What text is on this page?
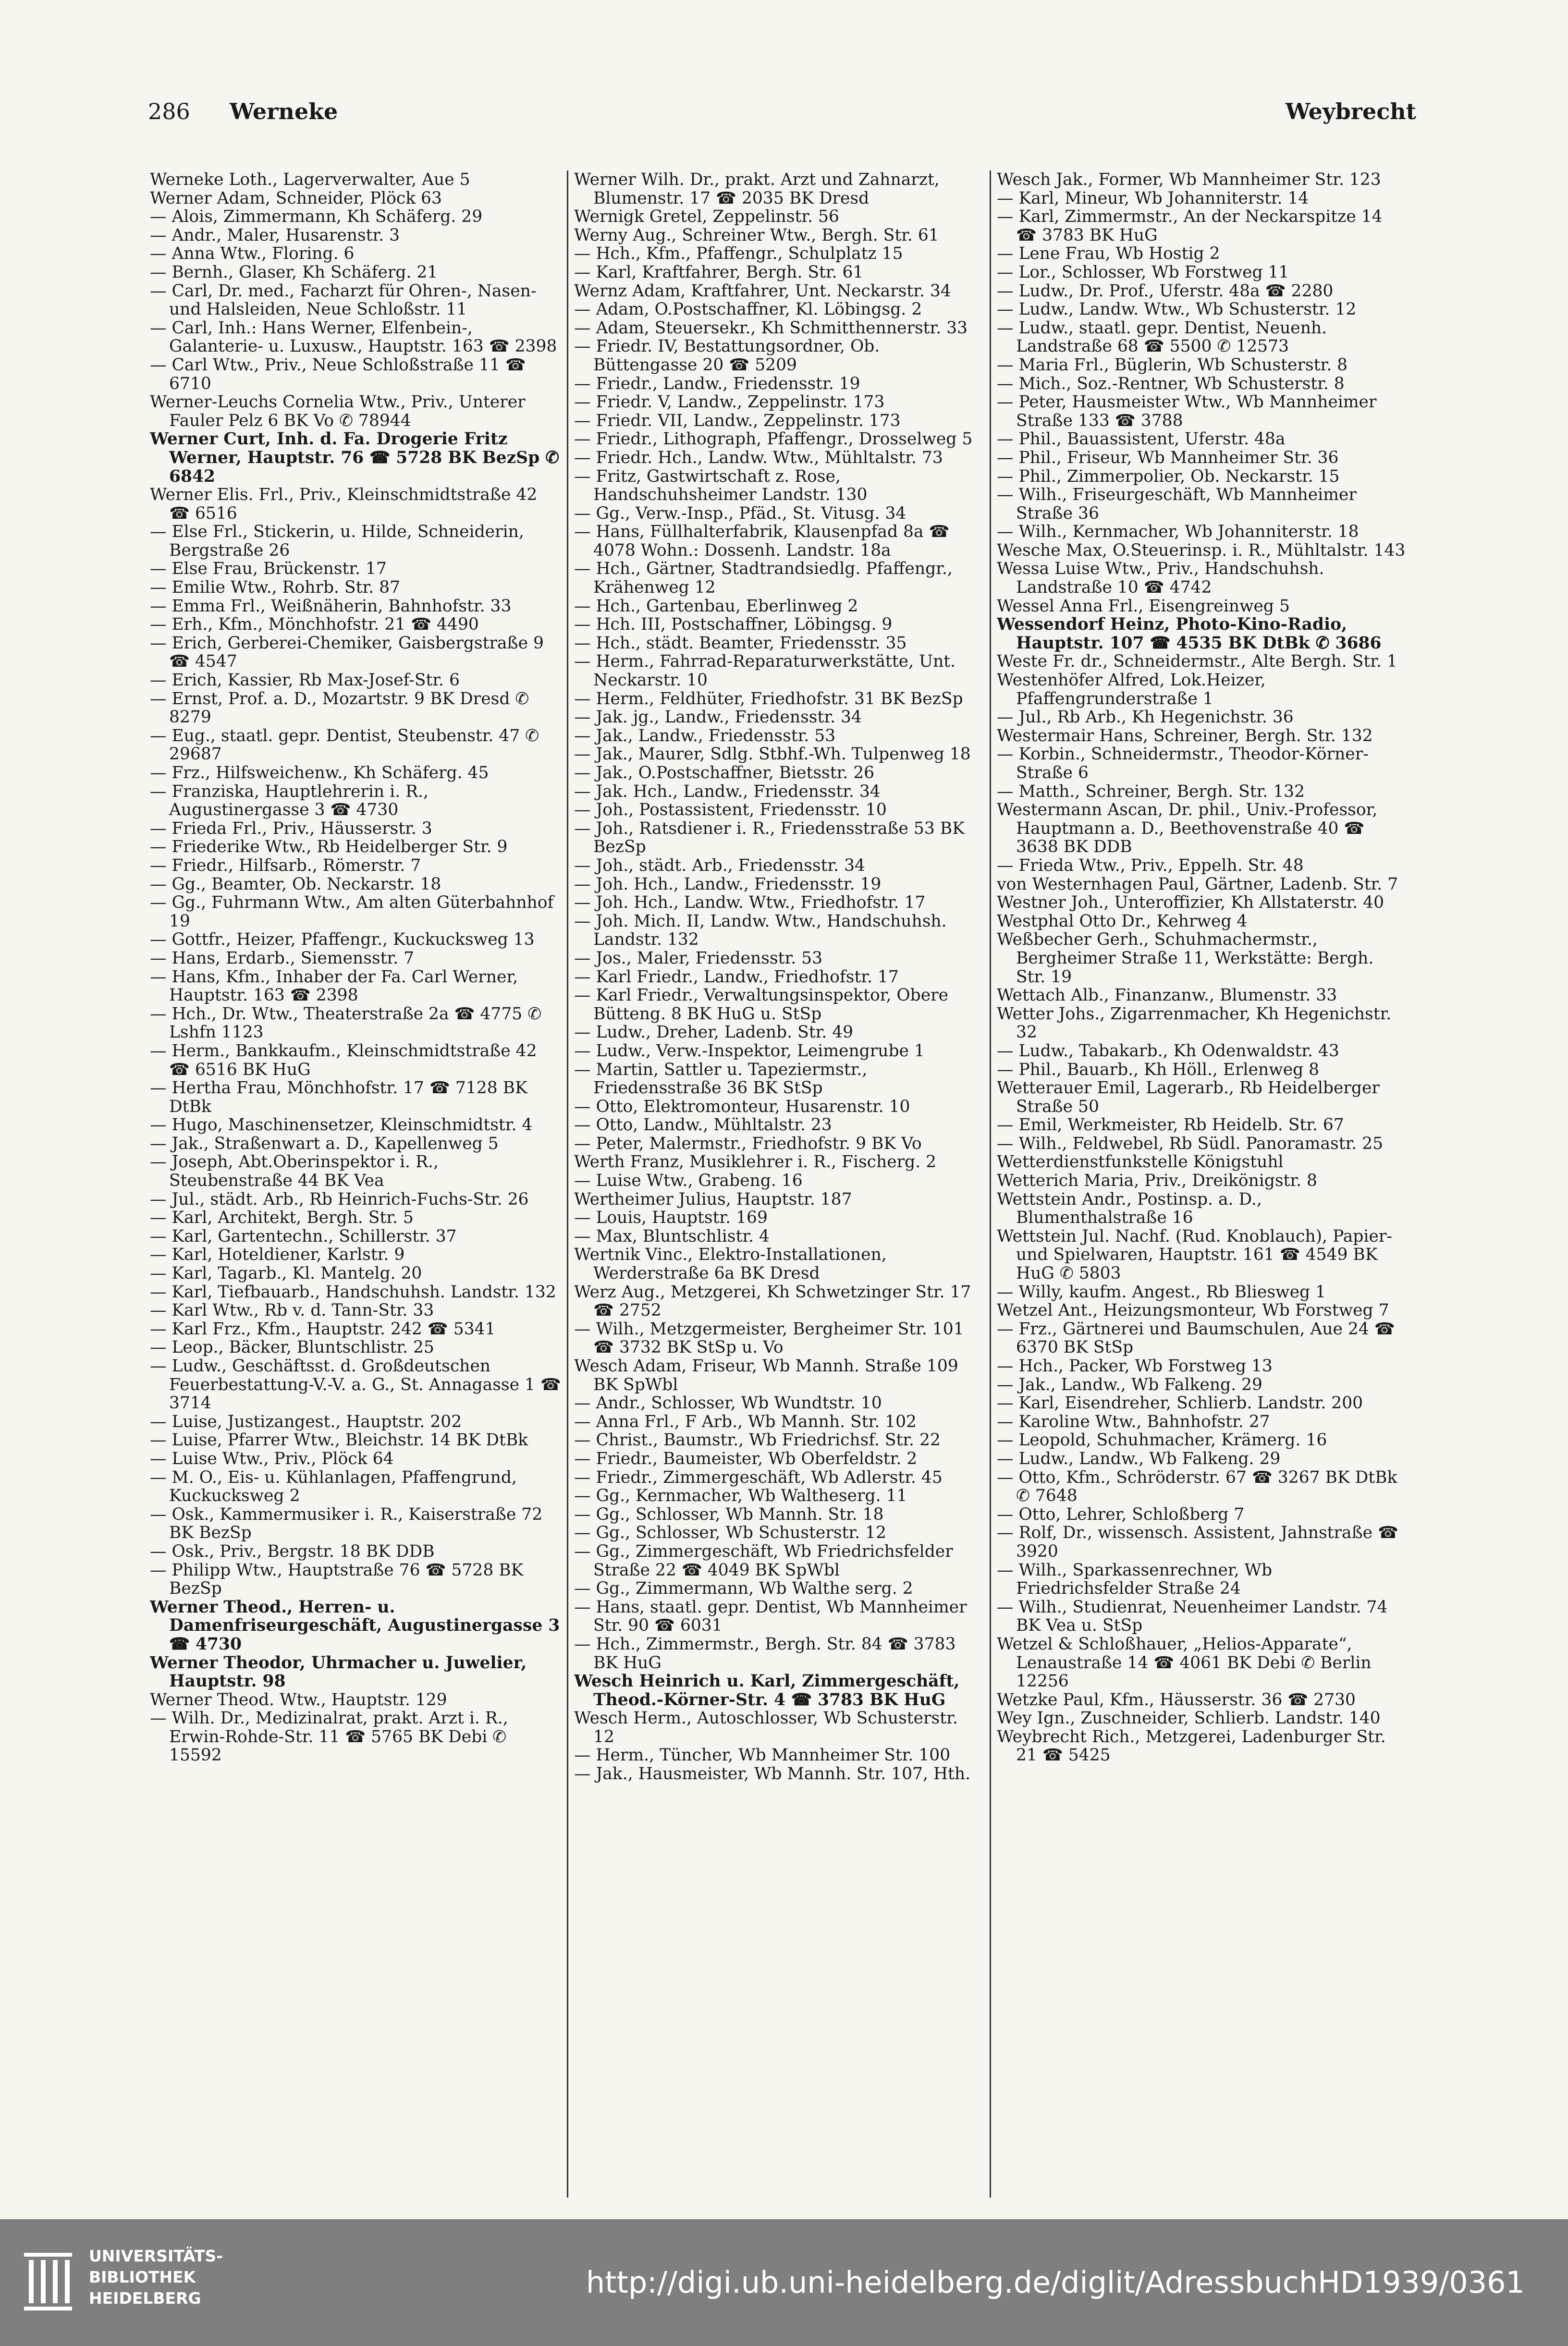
286 Werneke	Weybrecht
Werneke Loth., Lagerverwalter, Aue 5
Werner Adam, Schneider, Plöck 63
— Alois, Zimmermann, Kh Schäferg. 29
— Andr., Maler, Husarenstr. 3
— Anna Wtw., Floring. 6
— Bernh., Glaser, Kh Schäferg. 21
— Carl, Dr. med., Facharzt für Ohren-, Nasen- und Halsleiden, Neue Schloßstr. 11
— Carl, Inh.: Hans Werner, Elfenbein-, Galanterie- u. Luxusw., Hauptstr. 163 ☎ 2398
— Carl Wtw., Priv., Neue Schloßstraße 11 ☎ 6710
Werner-Leuchs Cornelia Wtw., Priv., Unterer Fauler Pelz 6 BK Vo ✆ 78944
Werner Curt, Inh. d. Fa. Drogerie Fritz Werner, Hauptstr. 76 ☎ 5728 BK BezSp ✆ 6842
Werner Elis. Frl., Priv., Kleinschmidtstraße 42 ☎ 6516
— Else Frl., Stickerin, u. Hilde, Schneiderin, Bergstraße 26
— Else Frau, Brückenstr. 17
— Emilie Wtw., Rohrb. Str. 87
— Emma Frl., Weißnäherin, Bahnhofstr. 33
— Erh., Kfm., Mönchhofstr. 21 ☎ 4490
— Erich, Gerberei-Chemiker, Gaisbergstraße 9 ☎ 4547
— Erich, Kassier, Rb Max-Josef-Str. 6
— Ernst, Prof. a. D., Mozartstr. 9 BK Dresd ✆ 8279
— Eug., staatl. gepr. Dentist, Steubenstr. 47 ✆ 29687
— Frz., Hilfsweichenw., Kh Schäferg. 45
— Franziska, Hauptlehrerin i. R., Augustinergasse 3 ☎ 4730
— Frieda Frl., Priv., Häusserstr. 3
— Friederike Wtw., Rb Heidelberger Str. 9
— Friedr., Hilfsarb., Römerstr. 7
— Gg., Beamter, Ob. Neckarstr. 18
— Gg., Fuhrmann Wtw., Am alten Güterbahnhof 19
— Gottfr., Heizer, Pfaffengr., Kuckucksweg 13
— Hans, Erdarb., Siemensstr. 7
— Hans, Kfm., Inhaber der Fa. Carl Werner, Hauptstr. 163 ☎ 2398
— Hch., Dr. Wtw., Theaterstraße 2a ☎ 4775 ✆ Lshfn 1123
— Herm., Bankkaufm., Kleinschmidtstraße 42 ☎ 6516 BK HuG
— Hertha Frau, Mönchhofstr. 17 ☎ 7128 BK DtBk
— Hugo, Maschinensetzer, Kleinschmidtstr. 4
— Jak., Straßenwart a. D., Kapellenweg 5
— Joseph, Abt.Oberinspektor i. R., Steubenstraße 44 BK Vea
— Jul., städt. Arb., Rb Heinrich-Fuchs-Str. 26
— Karl, Architekt, Bergh. Str. 5
— Karl, Gartentechn., Schillerstr. 37
— Karl, Hoteldiener, Karlstr. 9
— Karl, Tagarb., Kl. Mantelg. 20
— Karl, Tiefbauarb., Handschuhsh. Landstr. 132
— Karl Wtw., Rb v. d. Tann-Str. 33
— Karl Frz., Kfm., Hauptstr. 242 ☎ 5341
— Leop., Bäcker, Bluntschlistr. 25
— Ludw., Geschäftsst. d. Großdeutschen Feuerbestattung-V.-V. a. G., St. Annagasse 1 ☎ 3714
— Luise, Justizangest., Hauptstr. 202
— Luise, Pfarrer Wtw., Bleichstr. 14 BK DtBk
— Luise Wtw., Priv., Plöck 64
— M. O., Eis- u. Kühlanlagen, Pfaffengrund, Kuckucksweg 2
— Osk., Kammermusiker i. R., Kaiserstraße 72 BK BezSp
— Osk., Priv., Bergstr. 18 BK DDB
— Philipp Wtw., Hauptstraße 76 ☎ 5728 BK BezSp
Werner Theod., Herren- u. Damenfriseurgeschäft, Augustinergasse 3 ☎ 4730
Werner Theodor, Uhrmacher u. Juwelier, Hauptstr. 98
Werner Theod. Wtw., Hauptstr. 129
— Wilh. Dr., Medizinalrat, prakt. Arzt i. R., Erwin-Rohde-Str. 11 ☎ 5765 BK Debi ✆ 15592
Werner Wilh. Dr., prakt. Arzt und Zahnarzt, Blumenstr. 17 ☎ 2035 BK Dresd
Wernigk Gretel, Zeppelinstr. 56
Werny Aug., Schreiner Wtw., Bergh. Str. 61
— Hch., Kfm., Pfaffengr., Schulplatz 15
— Karl, Kraftfahrer, Bergh. Str. 61
Wernz Adam, Kraftfahrer, Unt. Neckarstr. 34
— Adam, O.Postschaffner, Kl. Löbingsg. 2
— Adam, Steuersekr., Kh Schmitthennerstr. 33
— Friedr. IV, Bestattungsordner, Ob. Büttengasse 20 ☎ 5209
— Friedr., Landw., Friedensstr. 19
— Friedr. V, Landw., Zeppelinstr. 173
— Friedr. VII, Landw., Zeppelinstr. 173
— Friedr., Lithograph, Pfaffengr., Drosselweg 5
— Friedr. Hch., Landw. Wtw., Mühltalstr. 73
— Fritz, Gastwirtschaft z. Rose, Handschuhsheimer Landstr. 130
— Gg., Verw.-Insp., Pfäd., St. Vitusg. 34
— Hans, Füllhalterfabrik, Klausenpfad 8a ☎ 4078 Wohn.: Dossenh. Landstr. 18a
— Hch., Gärtner, Stadtrandsiedlg. Pfaffengr., Krähenweg 12
— Hch., Gartenbau, Eberlinweg 2
— Hch. III, Postschaffner, Löbingsg. 9
— Hch., städt. Beamter, Friedensstr. 35
— Herm., Fahrrad-Reparaturwerkstätte, Unt. Neckarstr. 10
— Herm., Feldhüter, Friedhofstr. 31 BK BezSp
— Jak. jg., Landw., Friedensstr. 34
— Jak., Landw., Friedensstr. 53
— Jak., Maurer, Sdlg. Stbhf.-Wh. Tulpenweg 18
— Jak., O.Postschaffner, Bietsstr. 26
— Jak. Hch., Landw., Friedensstr. 34
— Joh., Postassistent, Friedensstr. 10
— Joh., Ratsdiener i. R., Friedensstraße 53 BK BezSp
— Joh., städt. Arb., Friedensstr. 34
— Joh. Hch., Landw., Friedensstr. 19
— Joh. Hch., Landw. Wtw., Friedhofstr. 17
— Joh. Mich. II, Landw. Wtw., Handschuhsh. Landstr. 132
— Jos., Maler, Friedensstr. 53
— Karl Friedr., Landw., Friedhofstr. 17
— Karl Friedr., Verwaltungsinspektor, Obere Bütteng. 8 BK HuG u. StSp
— Ludw., Dreher, Ladenb. Str. 49
— Ludw., Verw.-Inspektor, Leimengrube 1
— Martin, Sattler u. Tapeziermstr., Friedensstraße 36 BK StSp
— Otto, Elektromonteur, Husarenstr. 10
— Otto, Landw., Mühltalstr. 23
— Peter, Malermstr., Friedhofstr. 9 BK Vo
Werth Franz, Musiklehrer i. R., Fischerg. 2
— Luise Wtw., Grabeng. 16
Wertheimer Julius, Hauptstr. 187
— Louis, Hauptstr. 169
— Max, Bluntschlistr. 4
Wertnik Vinc., Elektro-Installationen, Werderstraße 6a BK Dresd
Werz Aug., Metzgerei, Kh Schwetzinger Str. 17 ☎ 2752
— Wilh., Metzgermeister, Bergheimer Str. 101 ☎ 3732 BK StSp u. Vo
Wesch Adam, Friseur, Wb Mannh. Straße 109 BK SpWbl
— Andr., Schlosser, Wb Wundtstr. 10
— Anna Frl., F Arb., Wb Mannh. Str. 102
— Christ., Baumstr., Wb Friedrichsf. Str. 22
— Friedr., Baumeister, Wb Oberfeldstr. 2
— Friedr., Zimmergeschäft, Wb Adlerstr. 45
— Gg., Kernmacher, Wb Waltheserg. 11
— Gg., Schlosser, Wb Mannh. Str. 18
— Gg., Schlosser, Wb Schusterstr. 12
— Gg., Zimmergeschäft, Wb Friedrichsfelder Straße 22 ☎ 4049 BK SpWbl
— Gg., Zimmermann, Wb Walthe serg. 2
— Hans, staatl. gepr. Dentist, Wb Mannheimer Str. 90 ☎ 6031
— Hch., Zimmermstr., Bergh. Str. 84 ☎ 3783 BK HuG
Wesch Heinrich u. Karl, Zimmergeschäft, Theod.-Körner-Str. 4 ☎ 3783 BK HuG
Wesch Herm., Autoschlosser, Wb Schusterstr. 12
— Herm., Tüncher, Wb Mannheimer Str. 100
— Jak., Hausmeister, Wb Mannh. Str. 107, Hth.
Wesch Jak., Former, Wb Mannheimer Str. 123
— Karl, Mineur, Wb Johanniterstr. 14
— Karl, Zimmermstr., An der Neckarspitze 14 ☎ 3783 BK HuG
— Lene Frau, Wb Hostig 2
— Lor., Schlosser, Wb Forstweg 11
— Ludw., Dr. Prof., Uferstr. 48a ☎ 2280
— Ludw., Landw. Wtw., Wb Schusterstr. 12
— Ludw., staatl. gepr. Dentist, Neuenh. Landstraße 68 ☎ 5500 ✆ 12573
— Maria Frl., Büglerin, Wb Schusterstr. 8
— Mich., Soz.-Rentner, Wb Schusterstr. 8
— Peter, Hausmeister Wtw., Wb Mannheimer Straße 133 ☎ 3788
— Phil., Bauassistent, Uferstr. 48a
— Phil., Friseur, Wb Mannheimer Str. 36
— Phil., Zimmerpolier, Ob. Neckarstr. 15
— Wilh., Friseurgeschäft, Wb Mannheimer Straße 36
— Wilh., Kernmacher, Wb Johanniterstr. 18
Wesche Max, O.Steuerinsp. i. R., Mühltalstr. 143
Wessa Luise Wtw., Priv., Handschuhsh. Landstraße 10 ☎ 4742
Wessel Anna Frl., Eisengreinweg 5
Wessendorf Heinz, Photo-Kino-Radio, Hauptstr. 107 ☎ 4535 BK DtBk ✆ 3686
Weste Fr. dr., Schneidermstr., Alte Bergh. Str. 1
Westenhöfer Alfred, Lok.Heizer, Pfaffengrunderstraße 1
— Jul., Rb Arb., Kh Hegenichstr. 36
Westermair Hans, Schreiner, Bergh. Str. 132
— Korbin., Schneidermstr., Theodor-Körner-Straße 6
— Matth., Schreiner, Bergh. Str. 132
Westermann Ascan, Dr. phil., Univ.-Professor, Hauptmann a. D., Beethovenstraße 40 ☎ 3638 BK DDB
— Frieda Wtw., Priv., Eppelh. Str. 48
von Westernhagen Paul, Gärtner, Ladenb. Str. 7
Westner Joh., Unteroffizier, Kh Allstaterstr. 40
Westphal Otto Dr., Kehrweg 4
Weßbecher Gerh., Schuhmachermstr., Bergheimer Straße 11, Werkstätte: Bergh. Str. 19
Wettach Alb., Finanzanw., Blumenstr. 33
Wetter Johs., Zigarrenmacher, Kh Hegenichstr. 32
— Ludw., Tabakarb., Kh Odenwaldstr. 43
— Phil., Bauarb., Kh Höll., Erlenweg 8
Wetterauer Emil, Lagerarb., Rb Heidelberger Straße 50
— Emil, Werkmeister, Rb Heidelb. Str. 67
— Wilh., Feldwebel, Rb Südl. Panoramastr. 25
Wetterdienstfunkstelle Königstuhl
Wetterich Maria, Priv., Dreikönigstr. 8
Wettstein Andr., Postinsp. a. D., Blumenthalstraße 16
Wettstein Jul. Nachf. (Rud. Knoblauch), Papier- und Spielwaren, Hauptstr. 161 ☎ 4549 BK HuG ✆ 5803
— Willy, kaufm. Angest., Rb Bliesweg 1
Wetzel Ant., Heizungsmonteur, Wb Forstweg 7
— Frz., Gärtnerei und Baumschulen, Aue 24 ☎ 6370 BK StSp
— Hch., Packer, Wb Forstweg 13
— Jak., Landw., Wb Falkeng. 29
— Karl, Eisendreher, Schlierb. Landstr. 200
— Karoline Wtw., Bahnhofstr. 27
— Leopold, Schuhmacher, Krämerg. 16
— Ludw., Landw., Wb Falkeng. 29
— Otto, Kfm., Schröderstr. 67 ☎ 3267 BK DtBk ✆ 7648
— Otto, Lehrer, Schloßberg 7
— Rolf, Dr., wissensch. Assistent, Jahnstraße ☎ 3920
— Wilh., Sparkassenrechner, Wb Friedrichsfelder Straße 24
— Wilh., Studienrat, Neuenheimer Landstr. 74 BK Vea u. StSp
Wetzel & Schloßhauer, „Helios-Apparate“, Lenaustraße 14 ☎ 4061 BK Debi ✆ Berlin 12256
Wetzke Paul, Kfm., Häusserstr. 36 ☎ 2730
Wey Ign., Zuschneider, Schlierb. Landstr. 140
Weybrecht Rich., Metzgerei, Ladenburger Str. 21 ☎ 5425
UNIVERSITÄTS-
BIBLIOTHEK
HEIDELBERG	http://digi.ub.uni-heidelberg.de/diglit/AdressbuchHD1939/0361
